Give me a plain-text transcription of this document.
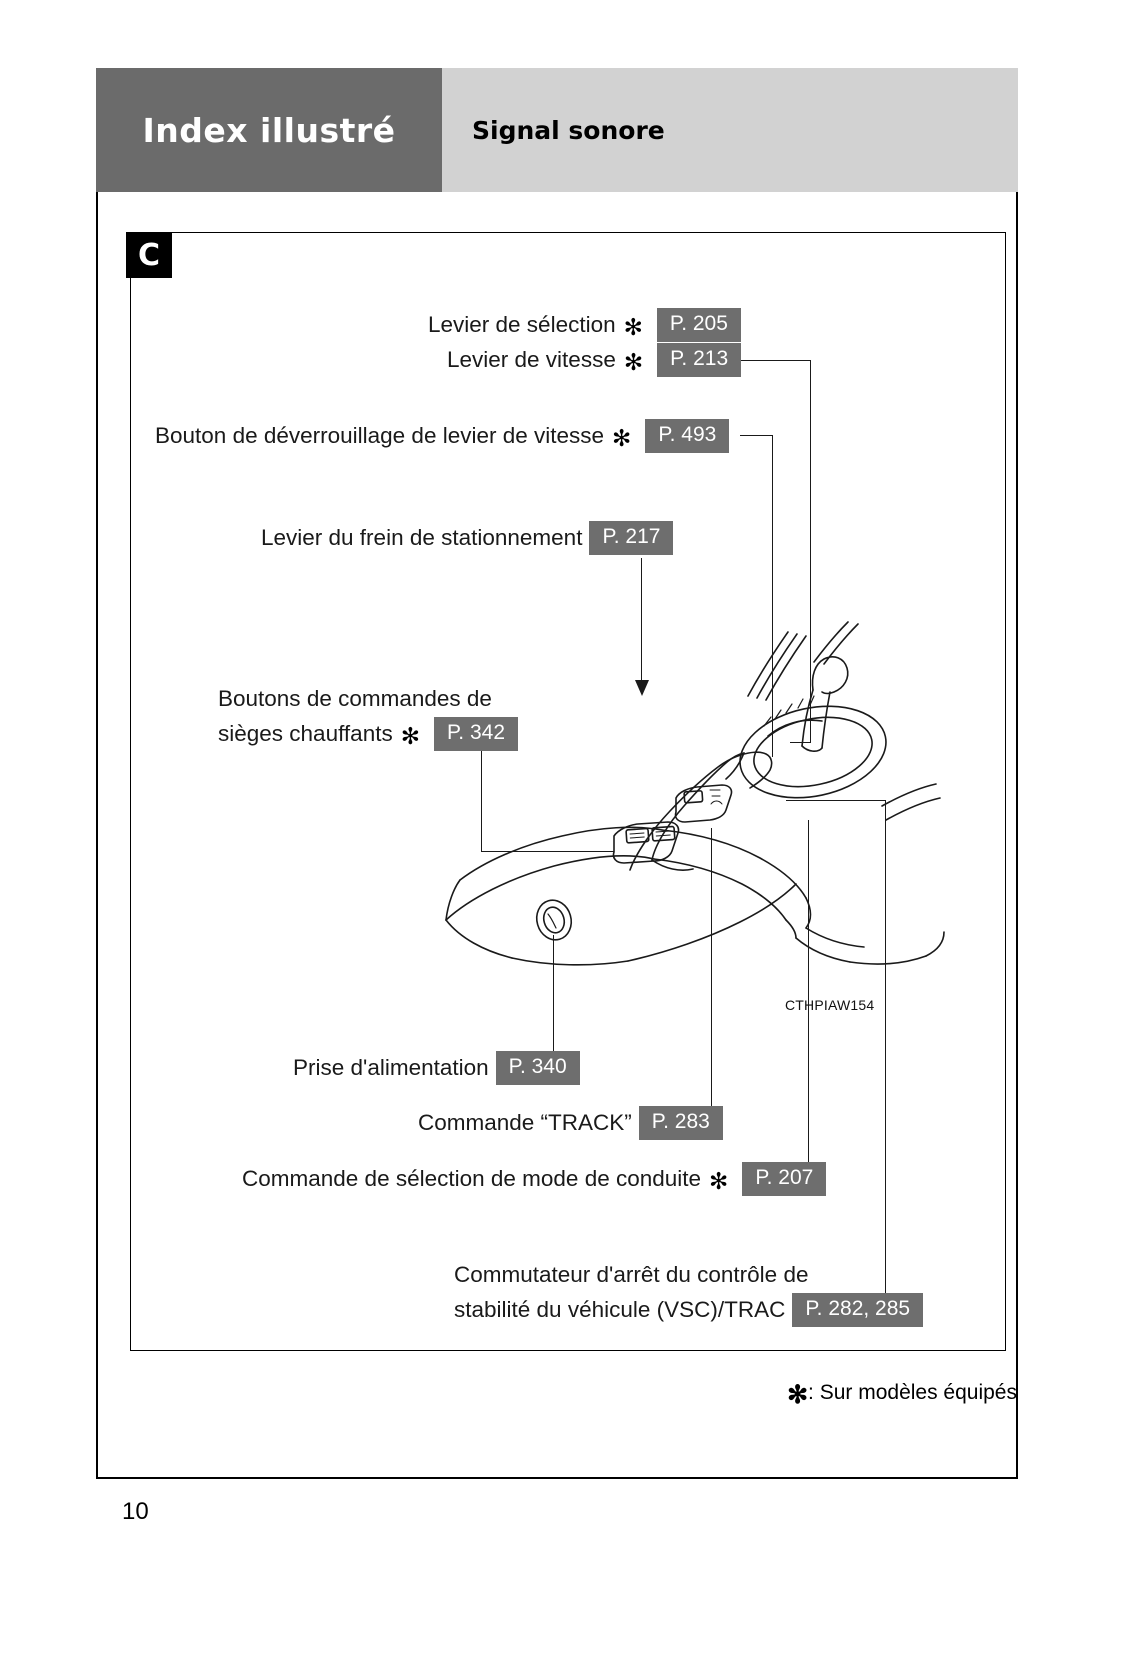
Index illustré	Signal sonore
C
CTHPIAW154
Levier de sélection ✻	P. 205
Levier de vitesse ✻	P. 213
Bouton de déverrouillage de levier de vitesse ✻	P. 493
Levier du frein de stationnement P. 217
Boutons de commandes de
sièges chauffants ✻	P. 342
Prise d'alimentation P. 340
Commande “TRACK” P. 283
Commande de sélection de mode de conduite ✻	P. 207
Commutateur d'arrêt du contrôle de
stabilité du véhicule (VSC)/TRAC P. 282, 285
✻ : Sur modèles équipés
10
